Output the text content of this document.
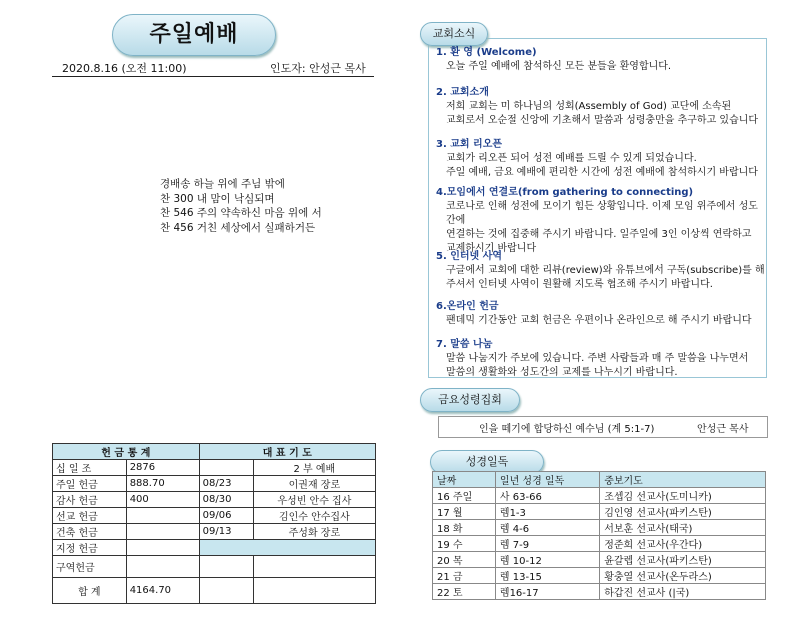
주일예배
2020.8.16 (오전 11:00)	인도자: 안성근 목사
경배송 하늘 위에 주님 밖에
찬 300 내 맘이 낙심되며
찬 546 주의 약속하신 마음 위에 서
찬 456 거친 세상에서 실패하거든
헌 금 통 계		대 표 기 도	
십 일 조	2876		2 부 예배
주일 헌금	888.70	08/23	이권재 장로
감사 헌금	400	08/30	우성빈 안수 집사
선교 헌금		09/06	김인수 안수집사
건축 헌금		09/13	주성화 장로
지정 헌금			
구역헌금			
합 계	4164.70		
교회소식
1. 환 영 (Welcome)
오늘 주일 예배에 참석하신 모든 분들을 환영합니다.
2. 교회소개
저희 교회는 미 하나님의 성회(Assembly of God) 교단에 소속된
교회로서 오순절 신앙에 기초해서 말씀과 성령충만을 추구하고 있습니다
3. 교회 리오픈
교회가 리오픈 되어 성전 예배를 드릴 수 있게 되었습니다.
주일 예배, 금요 예배에 편리한 시간에 성전 예배에 참석하시기 바랍니다
4.모임에서 연결로(from gathering to connecting)
코로나로 인해 성전에 모이기 힘든 상황입니다. 이제 모임 위주에서 성도간에
연결하는 것에 집중해 주시기 바랍니다. 일주일에 3인 이상씩 연락하고
교제하시기 바랍니다
5. 인터넷 사역
구글에서 교회에 대한 리뷰(review)와 유튜브에서 구독(subscribe)를 해
주셔서 인터넷 사역이 원활해 지도록 협조해 주시기 바랍니다.
6.온라인 헌금
팬데믹 기간동안 교회 헌금은 우편이나 온라인으로 해 주시기 바랍니다
7. 말씀 나눔
말씀 나눔지가 주보에 있습니다. 주변 사람들과 매 주 말씀을 나누면서
말씀의 생활화와 성도간의 교제를 나누시기 바랍니다.
금요성령집회
인을 떼기에 합당하신 예수님 (계 5:1-7)	안성근 목사
성경일독
날짜	일년 성경 일독	중보기도
16 주일	사 63-66	조셉김 선교사(도미니카)
17 월	렘1-3	김인영 선교사(파키스탄)
18 화	렘 4-6	서보훈 선교사(태국)
19 수	렘 7-9	정준희 선교사(우간다)
20 목	렘 10-12	윤갈렙 선교사(파키스탄)
21 금	렘 13-15	황충열 선교사(온두라스)
22 토	렘16-17	하갑진 선교사 (|국)
